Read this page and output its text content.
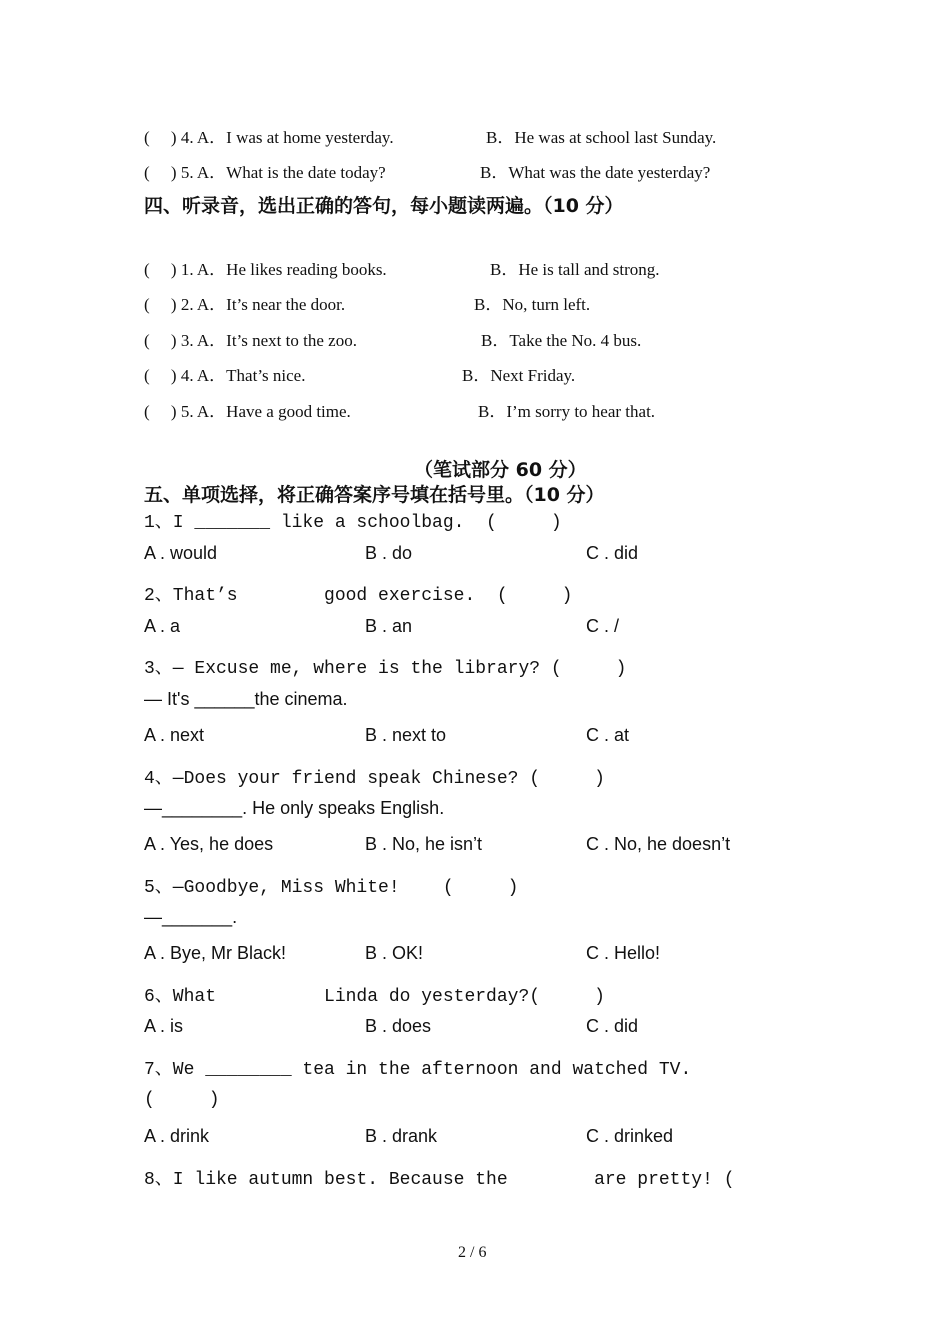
(     ) 4. A．I was at home yesterday.	B．He was at school last Sunday.
(     ) 5. A．What is the date today?	B．What was the date yesterday?
四、听录音，选出正确的答句，每小题读两遍。（10 分）
(     ) 1. A．He likes reading books.	B．He is tall and strong.
(     ) 2. A．It’s near the door.	B．No, turn left.
(     ) 3. A．It’s next to the zoo.	B．Take the No. 4 bus.
(     ) 4. A．That’s nice.	B．Next Friday.
(     ) 5. A．Have a good time.	B．I’m sorry to hear that.
（笔试部分 60 分）
五、单项选择，将正确答案序号填在括号里。（10 分）
1、I _______ like a schoolbag.  (     )
A . would	B . do	C . did
2、That’s        good exercise.  (     )
A . a	B . an	C . /
3、— Excuse me, where is the library? (     )
— It's ______the cinema.
A . next	B . next to	C . at
4、—Does your friend speak Chinese? (     )
—________. He only speaks English.
A . Yes, he does	B . No, he isn’t	C . No, he doesn’t
5、—Goodbye, Miss White!    (     )
—_______.
A . Bye, Mr Black!	B . OK!	C . Hello!
6、What          Linda do yesterday?(     )
A . is	B . does	C . did
7、We ________ tea in the afternoon and watched TV.
(     )
A . drink	B . drank	C . drinked
8、I like autumn best. Because the        are pretty! (
2 / 6
